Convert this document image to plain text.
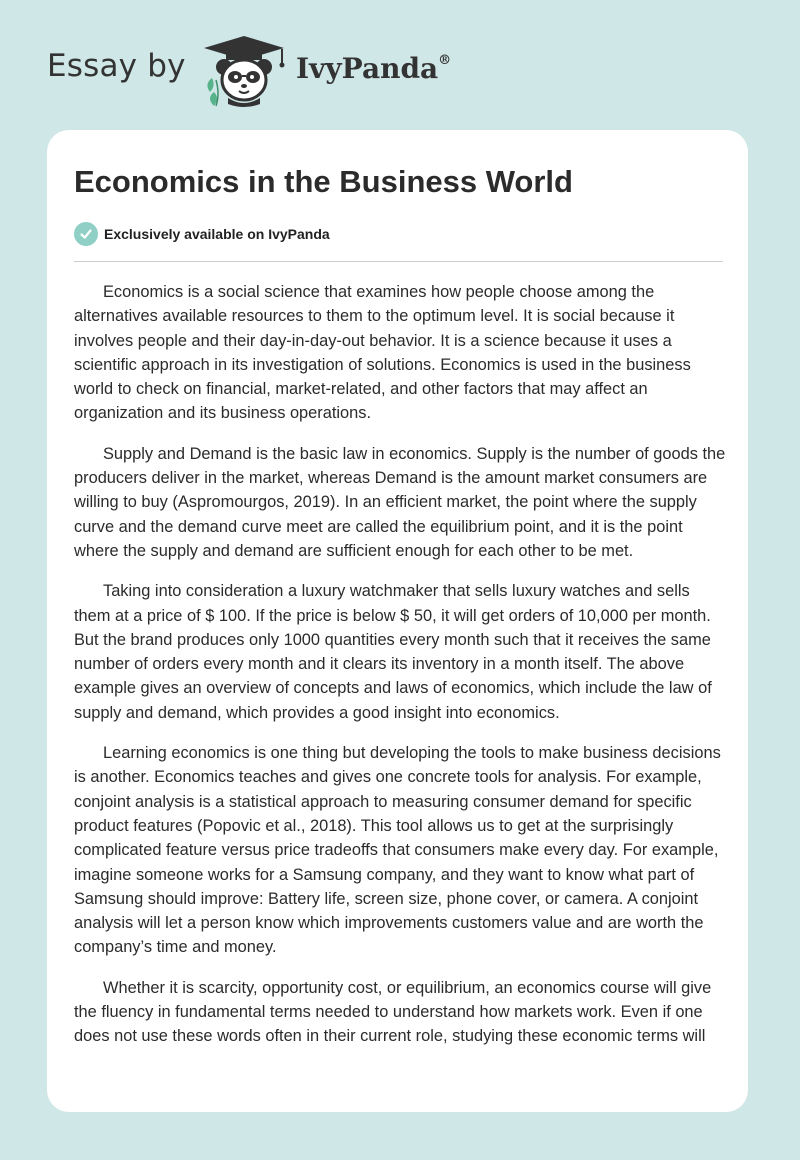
Essay by	IvyPanda®
Economics in the Business World
Exclusively available on IvyPanda

Economics is a social science that examines how people choose among the alternatives available resources to them to the optimum level. It is social because it involves people and their day-in-day-out behavior. It is a science because it uses a scientific approach in its investigation of solutions. Economics is used in the business world to check on financial, market-related, and other factors that may affect an organization and its business operations.

Supply and Demand is the basic law in economics. Supply is the number of goods the producers deliver in the market, whereas Demand is the amount market consumers are willing to buy (Aspromourgos, 2019). In an efficient market, the point where the supply curve and the demand curve meet are called the equilibrium point, and it is the point where the supply and demand are sufficient enough for each other to be met.

Taking into consideration a luxury watchmaker that sells luxury watches and sells them at a price of $ 100. If the price is below $ 50, it will get orders of 10,000 per month. But the brand produces only 1000 quantities every month such that it receives the same number of orders every month and it clears its inventory in a month itself. The above example gives an overview of concepts and laws of economics, which include the law of supply and demand, which provides a good insight into economics.

Learning economics is one thing but developing the tools to make business decisions is another. Economics teaches and gives one concrete tools for analysis. For example, conjoint analysis is a statistical approach to measuring consumer demand for specific product features (Popovic et al., 2018). This tool allows us to get at the surprisingly complicated feature versus price tradeoffs that consumers make every day. For example, imagine someone works for a Samsung company, and they want to know what part of Samsung should improve: Battery life, screen size, phone cover, or camera. A conjoint analysis will let a person know which improvements customers value and are worth the company’s time and money.

Whether it is scarcity, opportunity cost, or equilibrium, an economics course will give the fluency in fundamental terms needed to understand how markets work. Even if one does not use these words often in their current role, studying these economic terms will
